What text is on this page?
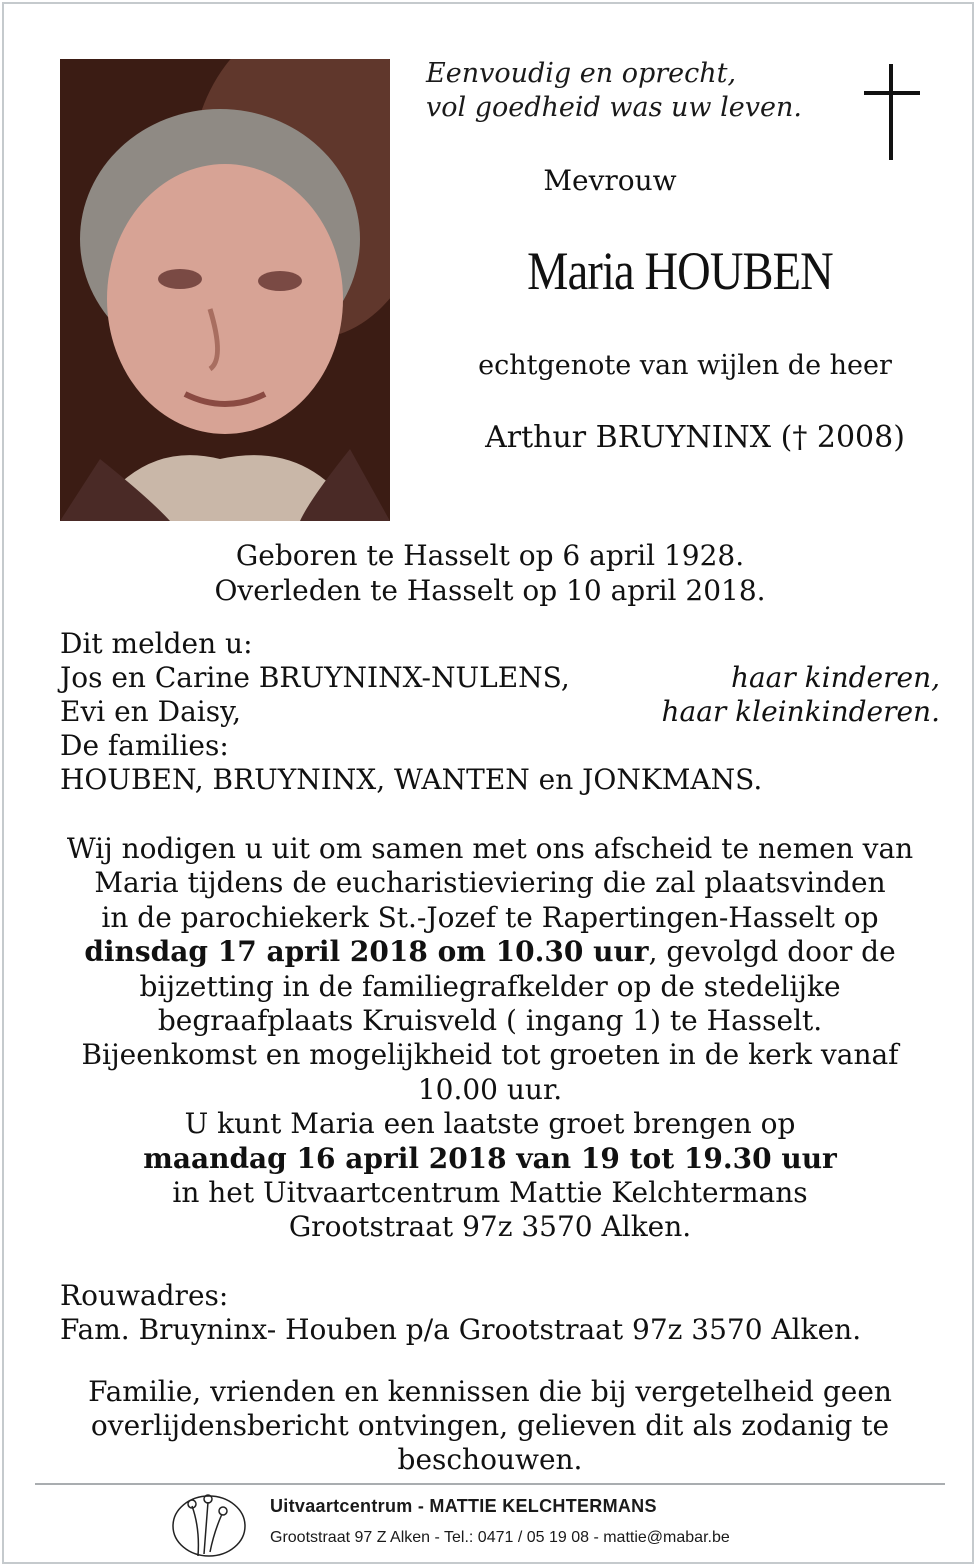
Eenvoudig en oprecht,
vol goedheid was uw leven.
Mevrouw
Maria HOUBEN
echtgenote van wijlen de heer
Arthur BRUYNINX († 2008)
Geboren te Hasselt op 6 april 1928.
Overleden te Hasselt op 10 april 2018.
Dit melden u:
Jos en Carine BRUYNINX-NULENS,	haar kinderen,
Evi en Daisy,	haar kleinkinderen.
De families:
HOUBEN, BRUYNINX, WANTEN en JONKMANS.
Wij nodigen u uit om samen met ons afscheid te nemen van
Maria tijdens de eucharistieviering die zal plaatsvinden
in de parochiekerk St.-Jozef te Rapertingen-Hasselt op
dinsdag 17 april 2018 om 10.30 uur, gevolgd door de
bijzetting in de familiegrafkelder op de stedelijke
begraafplaats Kruisveld ( ingang 1) te Hasselt.
Bijeenkomst en mogelijkheid tot groeten in de kerk vanaf
10.00 uur.
U kunt Maria een laatste groet brengen op
maandag 16 april 2018 van 19 tot 19.30 uur
in het Uitvaartcentrum Mattie Kelchtermans
Grootstraat 97z 3570 Alken.
Rouwadres:
Fam. Bruyninx- Houben p/a Grootstraat 97z 3570 Alken.
Familie, vrienden en kennissen die bij vergetelheid geen
overlijdensbericht ontvingen, gelieven dit als zodanig te
beschouwen.
Uitvaartcentrum - MATTIE KELCHTERMANS
Grootstraat 97 Z Alken - Tel.: 0471 / 05 19 08 - mattie@mabar.be
